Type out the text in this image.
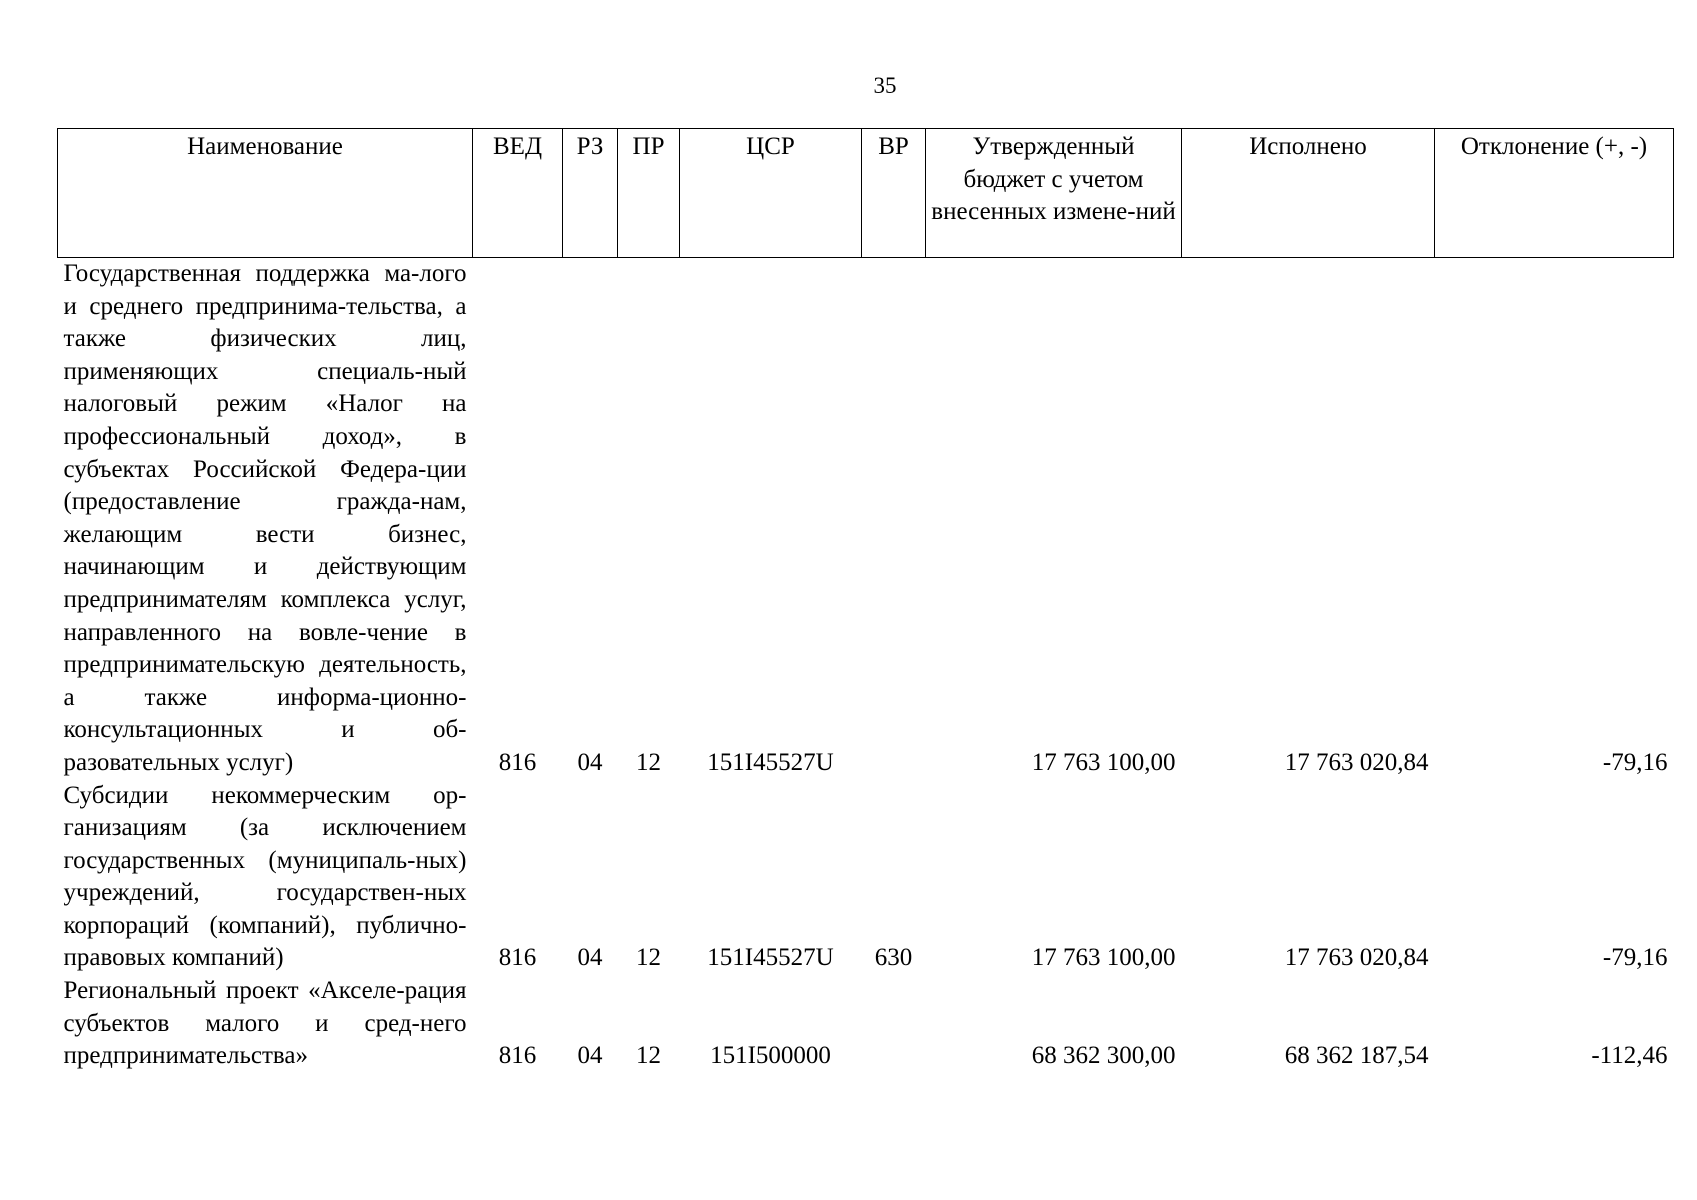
35
Наименование	ВЕД	РЗ	ПР	ЦСР	ВР	Утвержденный бюджет с учетом внесенных измене-ний	Исполнено	Отклонение (+, -)

Государственная поддержка ма-лого и среднего предпринима-тельства, а также физических лиц, применяющих специаль-ный налоговый режим «Налог на профессиональный доход», в субъектах Российской Федера-ции (предоставление гражда-нам, желающим вести бизнес, начинающим и действующим предпринимателям комплекса услуг, направленного на вовле-чение в предпринимательскую деятельность, а также информа-ционно-консультационных и об-разовательных услуг)	816	04	12	151I45527U		17 763 100,00	17 763 020,84	-79,16
Субсидии некоммерческим ор-ганизациям (за исключением государственных (муниципаль-ных) учреждений, государствен-ных корпораций (компаний), публично-правовых компаний)	816	04	12	151I45527U	630	17 763 100,00	17 763 020,84	-79,16
Региональный проект «Акселе-рация субъектов малого и сред-него предпринимательства»	816	04	12	151I500000		68 362 300,00	68 362 187,54	-112,46
